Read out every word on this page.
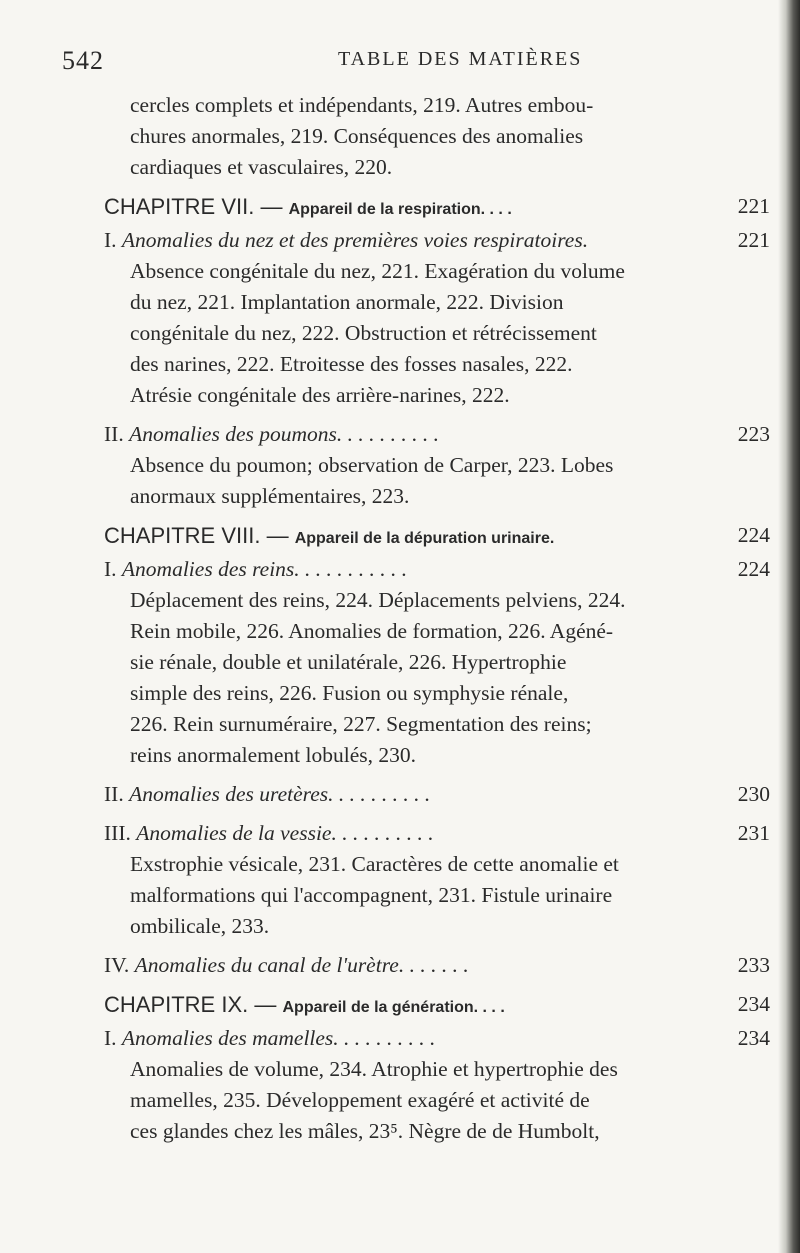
542	TABLE DES MATIÈRES
cercles complets et indépendants, 219. Autres embou-
chures anormales, 219. Conséquences des anomalies
cardiaques et vasculaires, 220.
CHAPITRE VII. — Appareil de la respiration. . . .	221
I. Anomalies du nez et des premières voies respiratoires.	221
Absence congénitale du nez, 221. Exagération du volume
du nez, 221. Implantation anormale, 222. Division
congénitale du nez, 222. Obstruction et rétrécissement
des narines, 222. Etroitesse des fosses nasales, 222.
Atrésie congénitale des arrière-narines, 222.
II. Anomalies des poumons. . . . . . . . . .	223
Absence du poumon; observation de Carper, 223. Lobes
anormaux supplémentaires, 223.
CHAPITRE VIII. — Appareil de la dépuration urinaire.	224
I. Anomalies des reins. . . . . . . . . . .	224
Déplacement des reins, 224. Déplacements pelviens, 224.
Rein mobile, 226. Anomalies de formation, 226. Agéné-
sie rénale, double et unilatérale, 226. Hypertrophie
simple des reins, 226. Fusion ou symphysie rénale,
226. Rein surnuméraire, 227. Segmentation des reins;
reins anormalement lobulés, 230.
II. Anomalies des uretères. . . . . . . . . .	230
III. Anomalies de la vessie. . . . . . . . . .	231
Exstrophie vésicale, 231. Caractères de cette anomalie et
malformations qui l'accompagnent, 231. Fistule urinaire
ombilicale, 233.
IV. Anomalies du canal de l'urètre. . . . . . .	233
CHAPITRE IX. — Appareil de la génération. . . .	234
I. Anomalies des mamelles. . . . . . . . . .	234
Anomalies de volume, 234. Atrophie et hypertrophie des
mamelles, 235. Développement exagéré et activité de
ces glandes chez les mâles, 23⁵. Nègre de de Humbolt,
